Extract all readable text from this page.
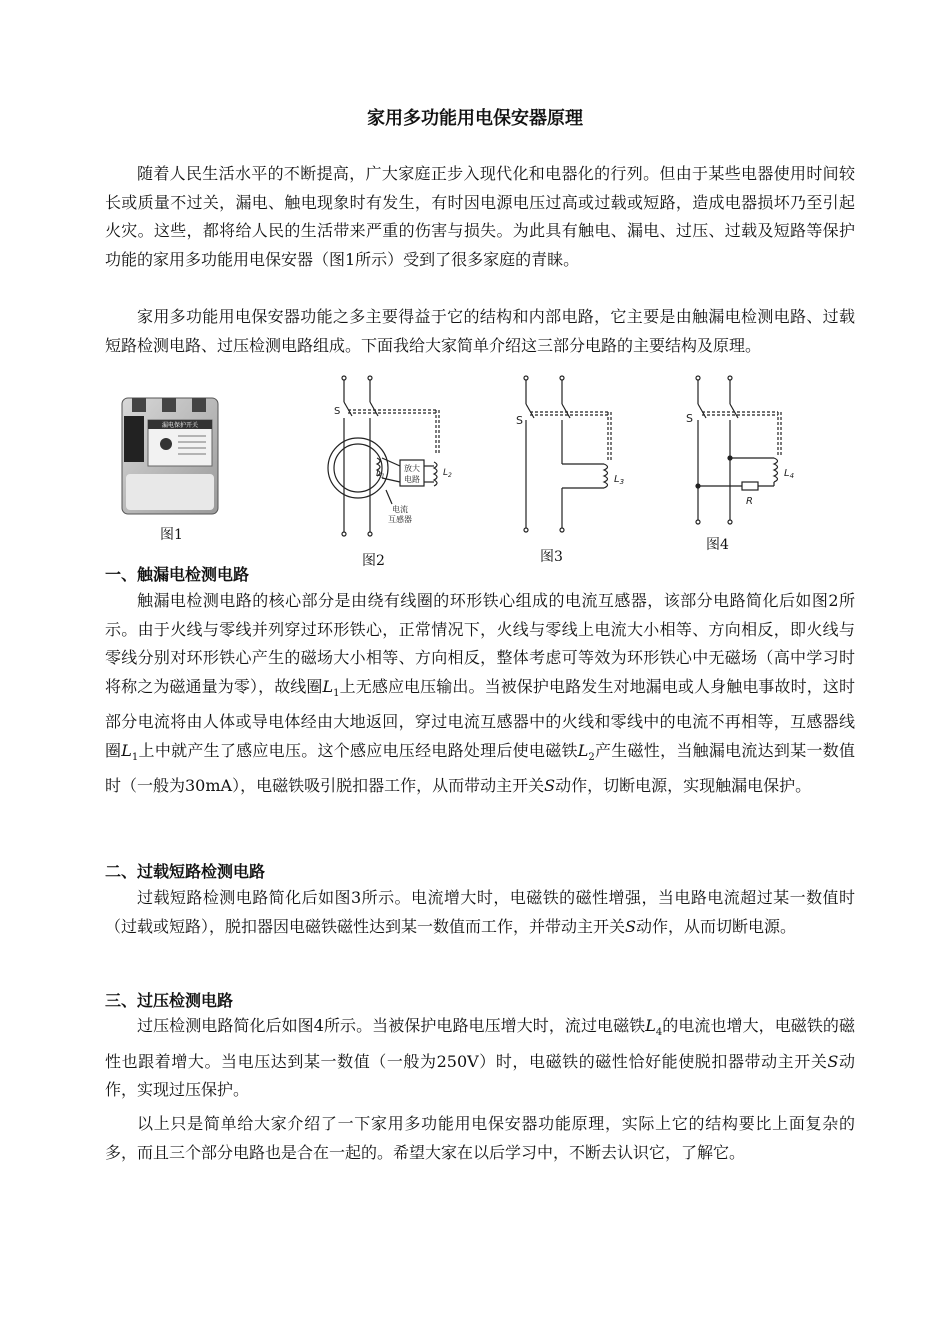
家用多功能用电保安器原理

随着人民生活水平的不断提高，广大家庭正步入现代化和电器化的行列。但由于某些电器使用时间较长或质量不过关，漏电、触电现象时有发生，有时因电源电压过高或过载或短路，造成电器损坏乃至引起火灾。这些，都将给人民的生活带来严重的伤害与损失。为此具有触电、漏电、过压、过载及短路等保护功能的家用多功能用电保安器（图1所示）受到了很多家庭的青睐。

家用多功能用电保安器功能之多主要得益于它的结构和内部电路，它主要是由触漏电检测电路、过载短路检测电路、过压检测电路组成。下面我给大家简单介绍这三部分电路的主要结构及原理。

漏电保护开关
图1
S
$L_1$	$L_2$
放大
电路
电流
互感器
图2
S
$L_3$
图3
S
$L_4$
R
图4
一、触漏电检测电路

触漏电检测电路的核心部分是由绕有线圈的环形铁心组成的电流互感器，该部分电路简化后如图2所示。由于火线与零线并列穿过环形铁心，正常情况下，火线与零线上电流大小相等、方向相反，即火线与零线分别对环形铁心产生的磁场大小相等、方向相反，整体考虑可等效为环形铁心中无磁场（高中学习时将称之为磁通量为零），故线圈$L_1$上无感应电压输出。当被保护电路发生对地漏电或人身触电事故时，这时部分电流将由人体或导电体经由大地返回，穿过电流互感器中的火线和零线中的电流不再相等，互感器线圈$L_1$上中就产生了感应电压。这个感应电压经电路处理后使电磁铁$L_2$产生磁性，当触漏电流达到某一数值时（一般为30mA），电磁铁吸引脱扣器工作，从而带动主开关S动作，切断电源，实现触漏电保护。

二、过载短路检测电路

过载短路检测电路简化后如图3所示。电流增大时，电磁铁的磁性增强，当电路电流超过某一数值时（过载或短路），脱扣器因电磁铁磁性达到某一数值而工作，并带动主开关S动作，从而切断电源。

三、过压检测电路

过压检测电路简化后如图4所示。当被保护电路电压增大时，流过电磁铁$L_4$的电流也增大，电磁铁的磁性也跟着增大。当电压达到某一数值（一般为250V）时，电磁铁的磁性恰好能使脱扣器带动主开关S动作，实现过压保护。

以上只是简单给大家介绍了一下家用多功能用电保安器功能原理，实际上它的结构要比上面复杂的多，而且三个部分电路也是合在一起的。希望大家在以后学习中，不断去认识它，了解它。
